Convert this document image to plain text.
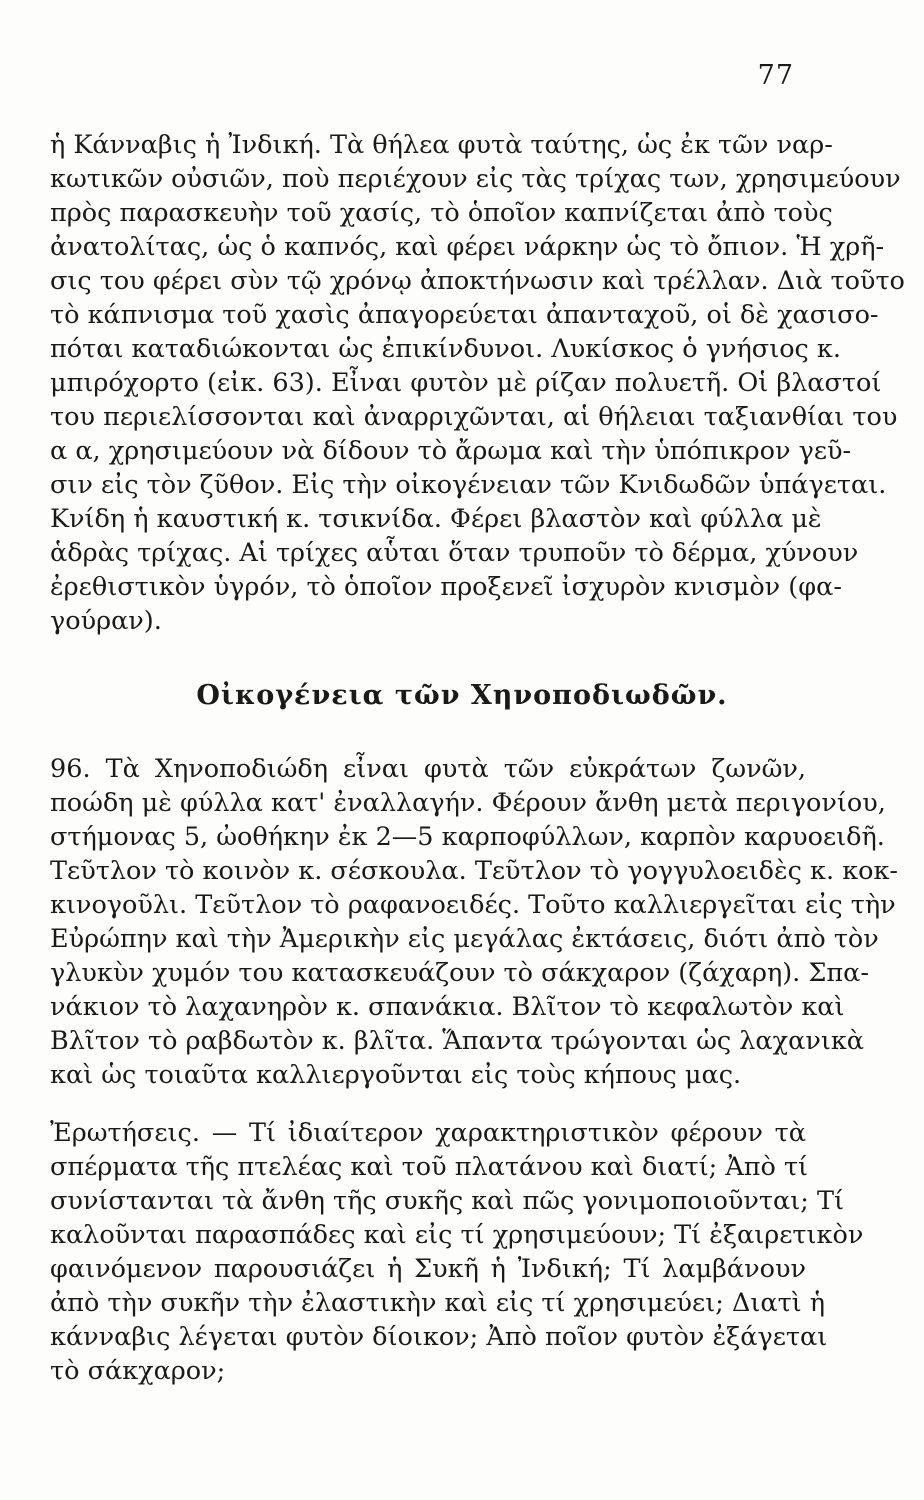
77
ἡ Κάνναβις ἡ Ἰνδική. Τὰ θήλεα φυτὰ ταύτης, ὡς ἐκ τῶν ναρ-
κωτικῶν οὐσιῶν, ποὺ περιέχουν εἰς τὰς τρίχας των, χρησιμεύουν
πρὸς παρασκευὴν τοῦ χασίς, τὸ ὁποῖον καπνίζεται ἀπὸ τοὺς
ἀνατολίτας, ὡς ὁ καπνός, καὶ φέρει νάρκην ὡς τὸ ὄπιον. Ἡ χρῆ-
σις του φέρει σὺν τῷ χρόνῳ ἀποκτήνωσιν καὶ τρέλλαν. Διὰ τοῦτο
τὸ κάπνισμα τοῦ χασὶς ἀπαγορεύεται ἀπανταχοῦ, οἱ δὲ χασισο-
πόται καταδιώκονται ὡς ἐπικίνδυνοι. Λυκίσκος ὁ γνήσιος κ.
μπιρόχορτο (εἰκ. 63). Εἶναι φυτὸν μὲ ρίζαν πολυετῆ. Οἱ βλαστοί
του περιελίσσονται καὶ ἀναρριχῶνται, αἱ θήλειαι ταξιανθίαι του
α α, χρησιμεύουν νὰ δίδουν τὸ ἄρωμα καὶ τὴν ὑπόπικρον γεῦ-
σιν εἰς τὸν ζῦθον. Εἰς τὴν οἰκογένειαν τῶν Κνιδωδῶν ὑπάγεται.
Κνίδη ἡ καυστική κ. τσικνίδα. Φέρει βλαστὸν καὶ φύλλα μὲ
ἁδρὰς τρίχας. Αἱ τρίχες αὗται ὅταν τρυποῦν τὸ δέρμα, χύνουν
ἐρεθιστικὸν ὑγρόν, τὸ ὁποῖον προξενεῖ ἰσχυρὸν κνισμὸν (φα-
γούραν).
Οἰκογένεια τῶν Χηνοποδιωδῶν.
96. Τὰ Χηνοποδιώδη εἶναι φυτὰ τῶν εὐκράτων ζωνῶν,
ποώδη μὲ φύλλα κατ' ἐναλλαγήν. Φέρουν ἄνθη μετὰ περιγονίου,
στήμονας 5, ὠοθήκην ἐκ 2—5 καρποφύλλων, καρπὸν καρυοειδῆ.
Τεῦτλον τὸ κοινὸν κ. σέσκουλα. Τεῦτλον τὸ γογγυλοειδὲς κ. κοκ-
κινογοῦλι. Τεῦτλον τὸ ραφανοειδές. Τοῦτο καλλιεργεῖται εἰς τὴν
Εὐρώπην καὶ τὴν Ἀμερικὴν εἰς μεγάλας ἐκτάσεις, διότι ἀπὸ τὸν
γλυκὺν χυμόν του κατασκευάζουν τὸ σάκχαρον (ζάχαρη). Σπα-
νάκιον τὸ λαχανηρὸν κ. σπανάκια. Βλῖτον τὸ κεφαλωτὸν καὶ
Βλῖτον τὸ ραβδωτὸν κ. βλῖτα. Ἅπαντα τρώγονται ὡς λαχανικὰ
καὶ ὡς τοιαῦτα καλλιεργοῦνται εἰς τοὺς κήπους μας.
Ἐρωτήσεις. — Τί ἰδιαίτερον χαρακτηριστικὸν φέρουν τὰ
σπέρματα τῆς πτελέας καὶ τοῦ πλατάνου καὶ διατί; Ἀπὸ τί
συνίστανται τὰ ἄνθη τῆς συκῆς καὶ πῶς γονιμοποιοῦνται; Τί
καλοῦνται παρασπάδες καὶ εἰς τί χρησιμεύουν; Τί ἐξαιρετικὸν
φαινόμενον παρουσιάζει ἡ Συκῆ ἡ Ἰνδική; Τί λαμβάνουν
ἀπὸ τὴν συκῆν τὴν ἐλαστικὴν καὶ εἰς τί χρησιμεύει; Διατὶ ἡ
κάνναβις λέγεται φυτὸν δίοικον; Ἀπὸ ποῖον φυτὸν ἐξάγεται
τὸ σάκχαρον;
